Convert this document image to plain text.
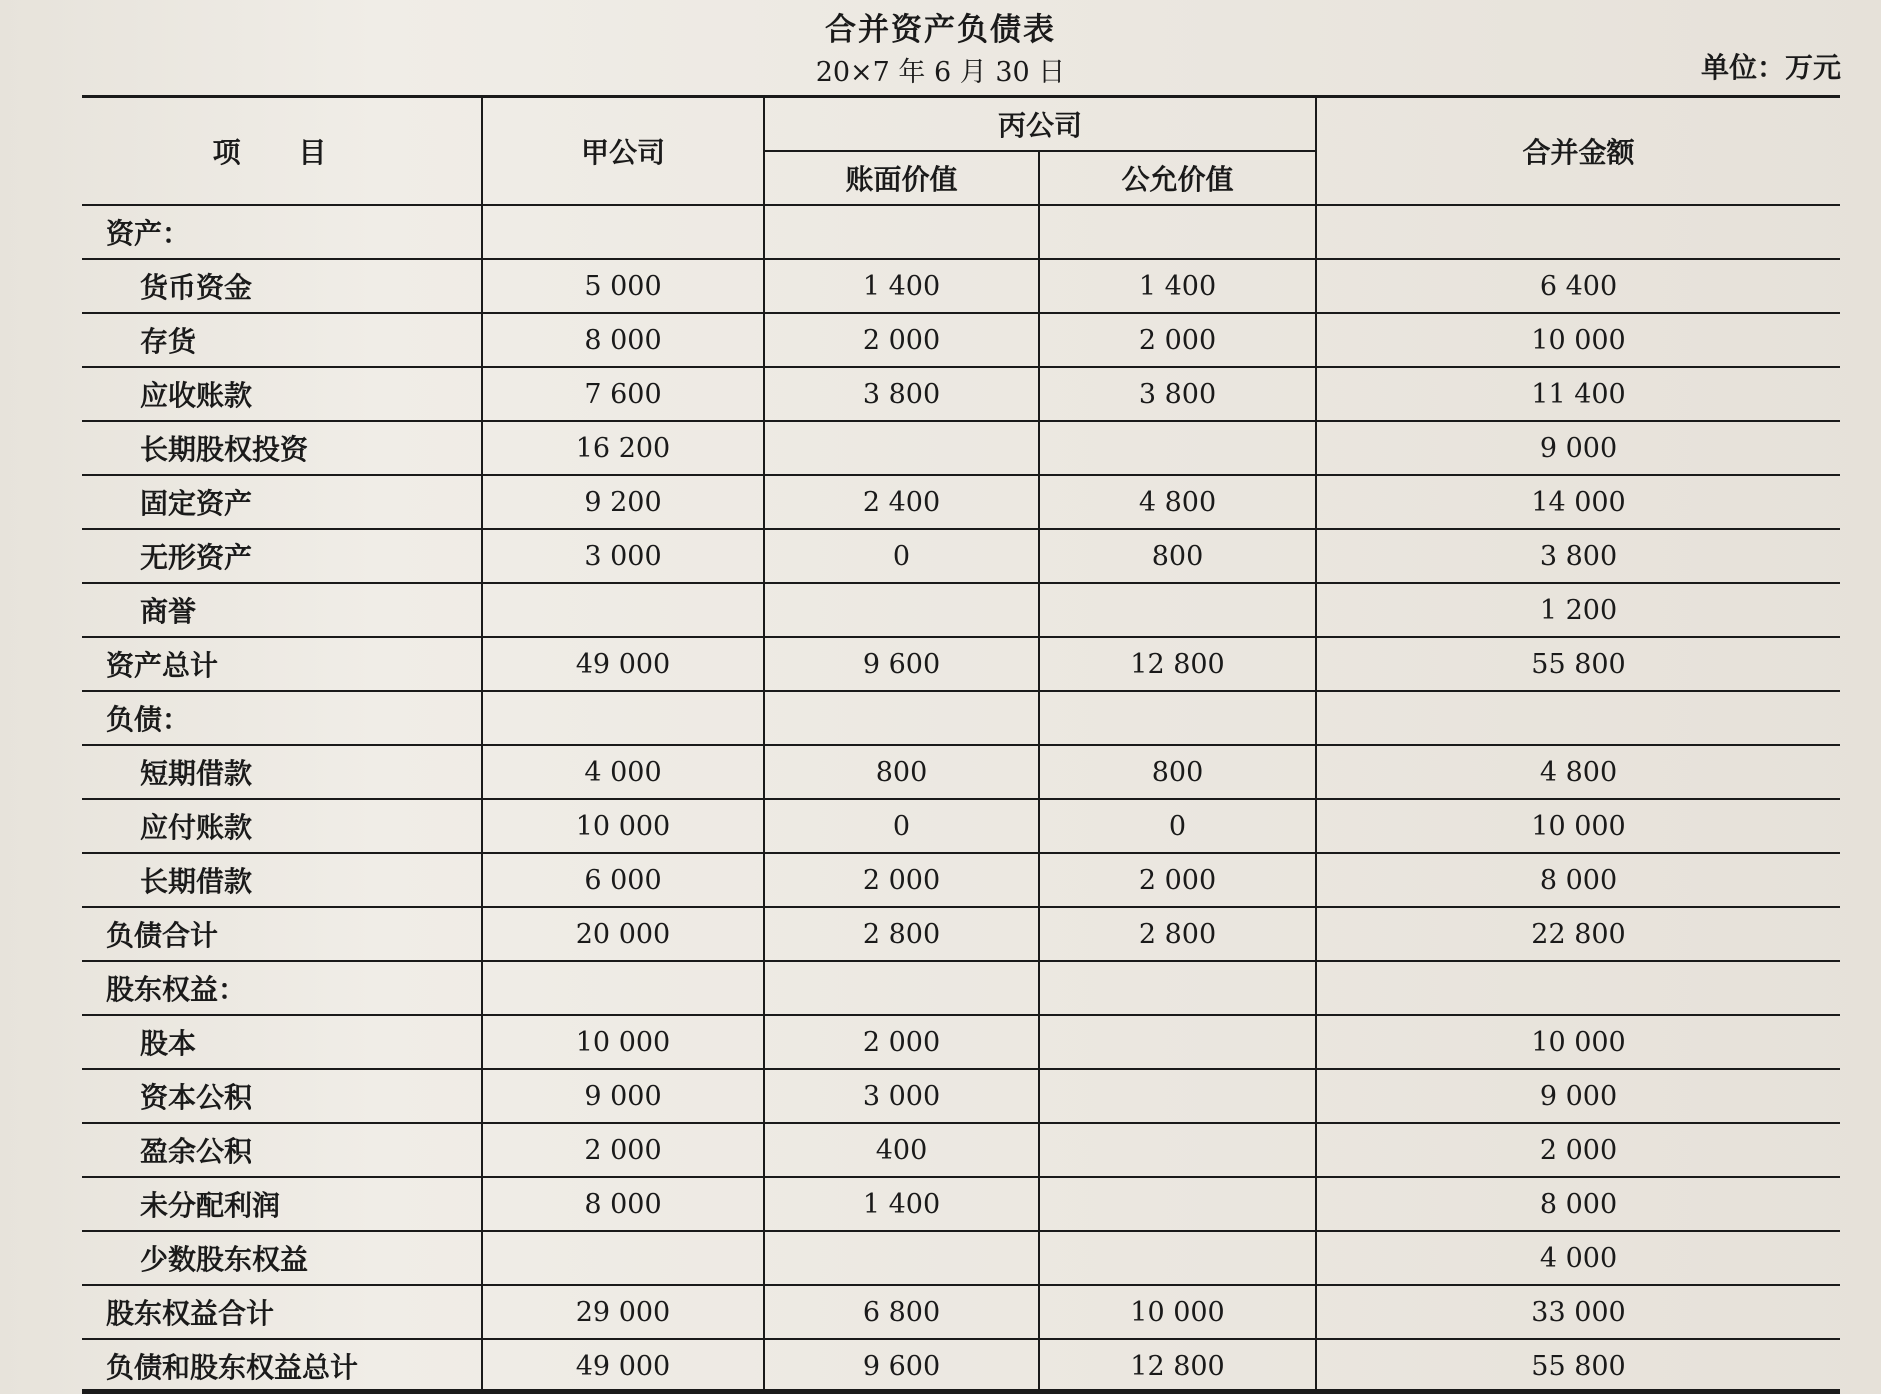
合并资产负债表
20×7 年 6 月 30 日	单位：万元
项 目	甲公司	丙公司		合并金额
		账面价值	公允价值	
资产：				
货币资金	5 000	1 400	1 400	6 400
存货	8 000	2 000	2 000	10 000
应收账款	7 600	3 800	3 800	11 400
长期股权投资	16 200			9 000
固定资产	9 200	2 400	4 800	14 000
无形资产	3 000	0	800	3 800
商誉				1 200
资产总计	49 000	9 600	12 800	55 800
负债：				
短期借款	4 000	800	800	4 800
应付账款	10 000	0	0	10 000
长期借款	6 000	2 000	2 000	8 000
负债合计	20 000	2 800	2 800	22 800
股东权益：				
股本	10 000	2 000		10 000
资本公积	9 000	3 000		9 000
盈余公积	2 000	400		2 000
未分配利润	8 000	1 400		8 000
少数股东权益				4 000
股东权益合计	29 000	6 800	10 000	33 000
负债和股东权益总计	49 000	9 600	12 800	55 800
